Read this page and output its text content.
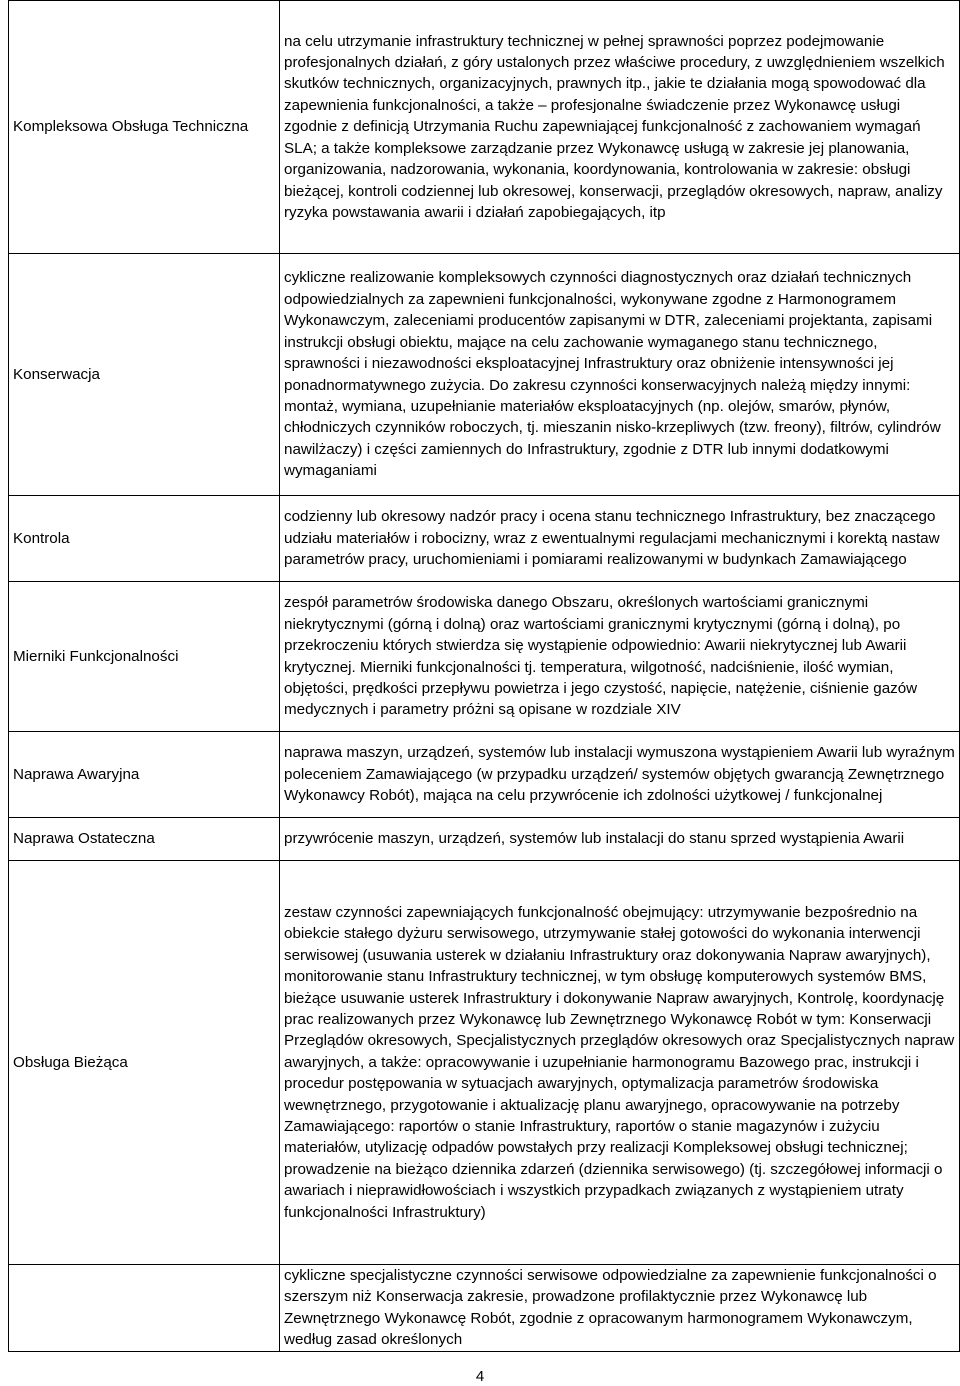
Kompleksowa Obsługa Techniczna	na celu utrzymanie infrastruktury technicznej w pełnej sprawności poprzez podejmowanie profesjonalnych działań, z góry ustalonych przez właściwe procedury, z uwzględnieniem wszelkich skutków technicznych, organizacyjnych, prawnych itp., jakie te działania mogą spowodować dla zapewnienia funkcjonalności, a także – profesjonalne świadczenie przez Wykonawcę usługi zgodnie z definicją Utrzymania Ruchu zapewniającej funkcjonalność z zachowaniem wymagań SLA; a także kompleksowe zarządzanie przez Wykonawcę usługą w zakresie jej planowania, organizowania, nadzorowania, wykonania, koordynowania, kontrolowania w zakresie: obsługi bieżącej, kontroli codziennej lub okresowej, konserwacji, przeglądów okresowych, napraw, analizy ryzyka powstawania awarii i działań zapobiegających, itp
Konserwacja	cykliczne realizowanie kompleksowych czynności diagnostycznych oraz działań technicznych odpowiedzialnych za zapewnieni funkcjonalności, wykonywane zgodne z Harmonogramem Wykonawczym, zaleceniami producentów zapisanymi w DTR, zaleceniami projektanta, zapisami instrukcji obsługi obiektu, mające na celu zachowanie wymaganego stanu technicznego, sprawności i niezawodności eksploatacyjnej Infrastruktury oraz obniżenie intensywności jej ponadnormatywnego zużycia. Do zakresu czynności konserwacyjnych należą między innymi: montaż, wymiana, uzupełnianie materiałów eksploatacyjnych (np. olejów, smarów, płynów, chłodniczych czynników roboczych, tj. mieszanin nisko-krzepliwych (tzw. freony), filtrów, cylindrów nawilżaczy) i części zamiennych do Infrastruktury, zgodnie z DTR lub innymi dodatkowymi wymaganiami
Kontrola	codzienny lub okresowy nadzór pracy i ocena stanu technicznego Infrastruktury, bez znaczącego udziału materiałów i robocizny, wraz z ewentualnymi regulacjami mechanicznymi i korektą nastaw parametrów pracy, uruchomieniami i pomiarami realizowanymi w budynkach Zamawiającego
Mierniki Funkcjonalności	zespół parametrów środowiska danego Obszaru, określonych wartościami granicznymi niekrytycznymi (górną i dolną) oraz wartościami granicznymi krytycznymi (górną i dolną), po przekroczeniu których stwierdza się wystąpienie odpowiednio: Awarii niekrytycznej lub Awarii krytycznej. Mierniki funkcjonalności tj. temperatura, wilgotność, nadciśnienie, ilość wymian, objętości, prędkości przepływu powietrza i jego czystość, napięcie, natężenie, ciśnienie gazów medycznych i parametry próżni są opisane w rozdziale XIV
Naprawa Awaryjna	naprawa maszyn, urządzeń, systemów lub instalacji wymuszona wystąpieniem Awarii lub wyraźnym poleceniem Zamawiającego (w przypadku urządzeń/ systemów objętych gwarancją Zewnętrznego Wykonawcy Robót), mająca na celu przywrócenie ich zdolności użytkowej / funkcjonalnej
Naprawa Ostateczna	przywrócenie maszyn, urządzeń, systemów lub instalacji do stanu sprzed wystąpienia Awarii
Obsługa Bieżąca	zestaw czynności zapewniających funkcjonalność obejmujący: utrzymywanie bezpośrednio na obiekcie stałego dyżuru serwisowego, utrzymywanie stałej gotowości do wykonania interwencji serwisowej (usuwania usterek w działaniu Infrastruktury oraz dokonywania Napraw awaryjnych), monitorowanie stanu Infrastruktury technicznej, w tym obsługę komputerowych systemów BMS, bieżące usuwanie usterek Infrastruktury i dokonywanie Napraw awaryjnych, Kontrolę, koordynację prac realizowanych przez Wykonawcę lub Zewnętrznego Wykonawcę Robót w tym: Konserwacji Przeglądów okresowych, Specjalistycznych przeglądów okresowych oraz Specjalistycznych napraw awaryjnych, a także: opracowywanie i uzupełnianie harmonogramu Bazowego prac, instrukcji i procedur postępowania w sytuacjach awaryjnych, optymalizacja parametrów środowiska wewnętrznego, przygotowanie i aktualizację planu awaryjnego, opracowywanie na potrzeby Zamawiającego: raportów o stanie Infrastruktury, raportów o stanie magazynów i zużyciu materiałów, utylizację odpadów powstałych przy realizacji Kompleksowej obsługi technicznej; prowadzenie na bieżąco dziennika zdarzeń (dziennika serwisowego) (tj. szczegółowej informacji o awariach i nieprawidłowościach i wszystkich przypadkach związanych z wystąpieniem utraty funkcjonalności Infrastruktury)
	cykliczne specjalistyczne czynności serwisowe odpowiedzialne za zapewnienie funkcjonalności o szerszym niż Konserwacja zakresie, prowadzone profilaktycznie przez Wykonawcę lub Zewnętrznego Wykonawcę Robót, zgodnie z opracowanym harmonogramem Wykonawczym, według zasad określonych
4
